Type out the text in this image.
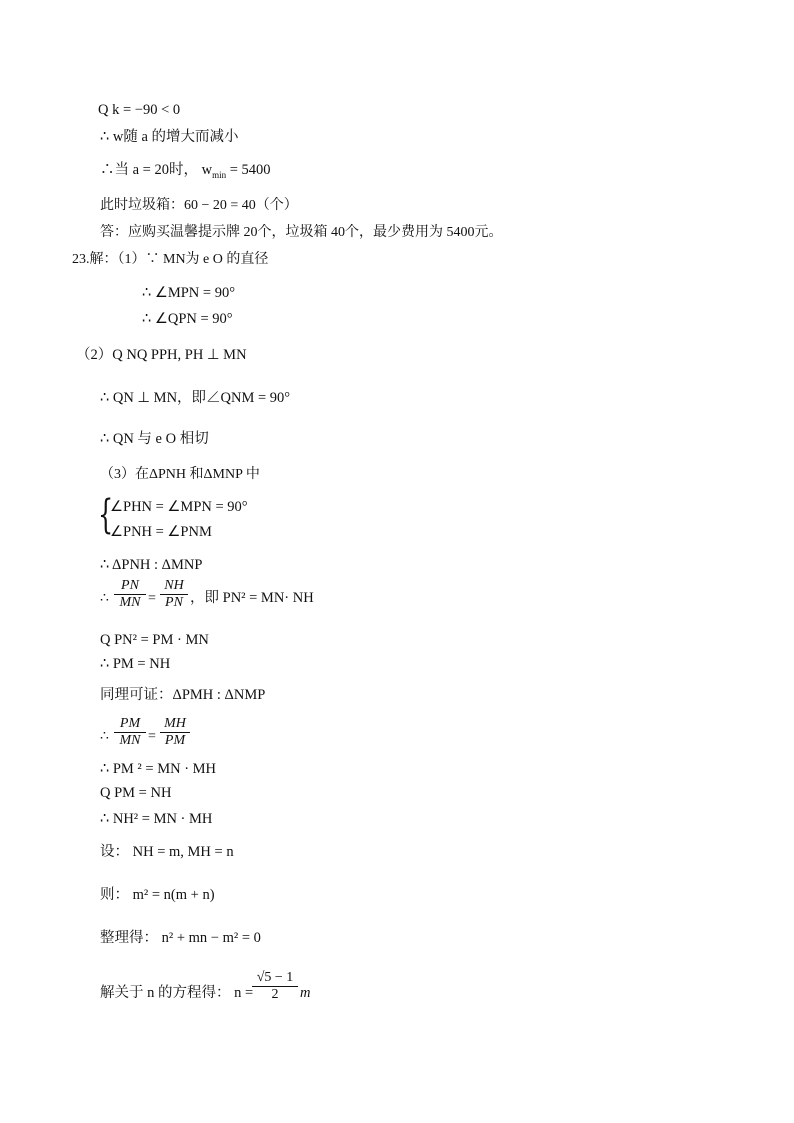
Q k = −90 < 0
∴ w随 a 的增大而减小
∴当 a = 20时， $w_{min} = 5400$
此时垃圾箱：60 − 20 = 40（个）
答：应购买温馨提示牌 20个，垃圾箱 40个，最少费用为 5400元。
23.解：（1）∵ MN为 e O 的直径
∴ ∠MPN = 90°
∴ ∠QPN = 90°
（2）Q NQ PPH, PH ⊥ MN
∴ QN ⊥ MN，即∠QNM = 90°
∴ QN 与 e O 相切
（3）在ΔPNH 和ΔMNP 中
{
∠PHN = ∠MPN = 90°
∠PNH = ∠PNM
∴ ΔPNH : ΔMNP
∴ $\frac{PN}{MN} = \frac{NH}{PN}$ ，即 PN² = MN· NH
Q PN² = PM · MN
∴ PM = NH
同理可证：ΔPMH : ΔNMP
∴ $\frac{PM}{MN} = \frac{MH}{PM}$
∴ PM ² = MN · MH
Q PM = NH
∴ NH² = MN · MH
设： NH = m, MH = n
则： m² = n(m + n)
整理得： n² + mn − m² = 0
解关于 n 的方程得： n =
$\frac{√5 - 1}{2}$ m
